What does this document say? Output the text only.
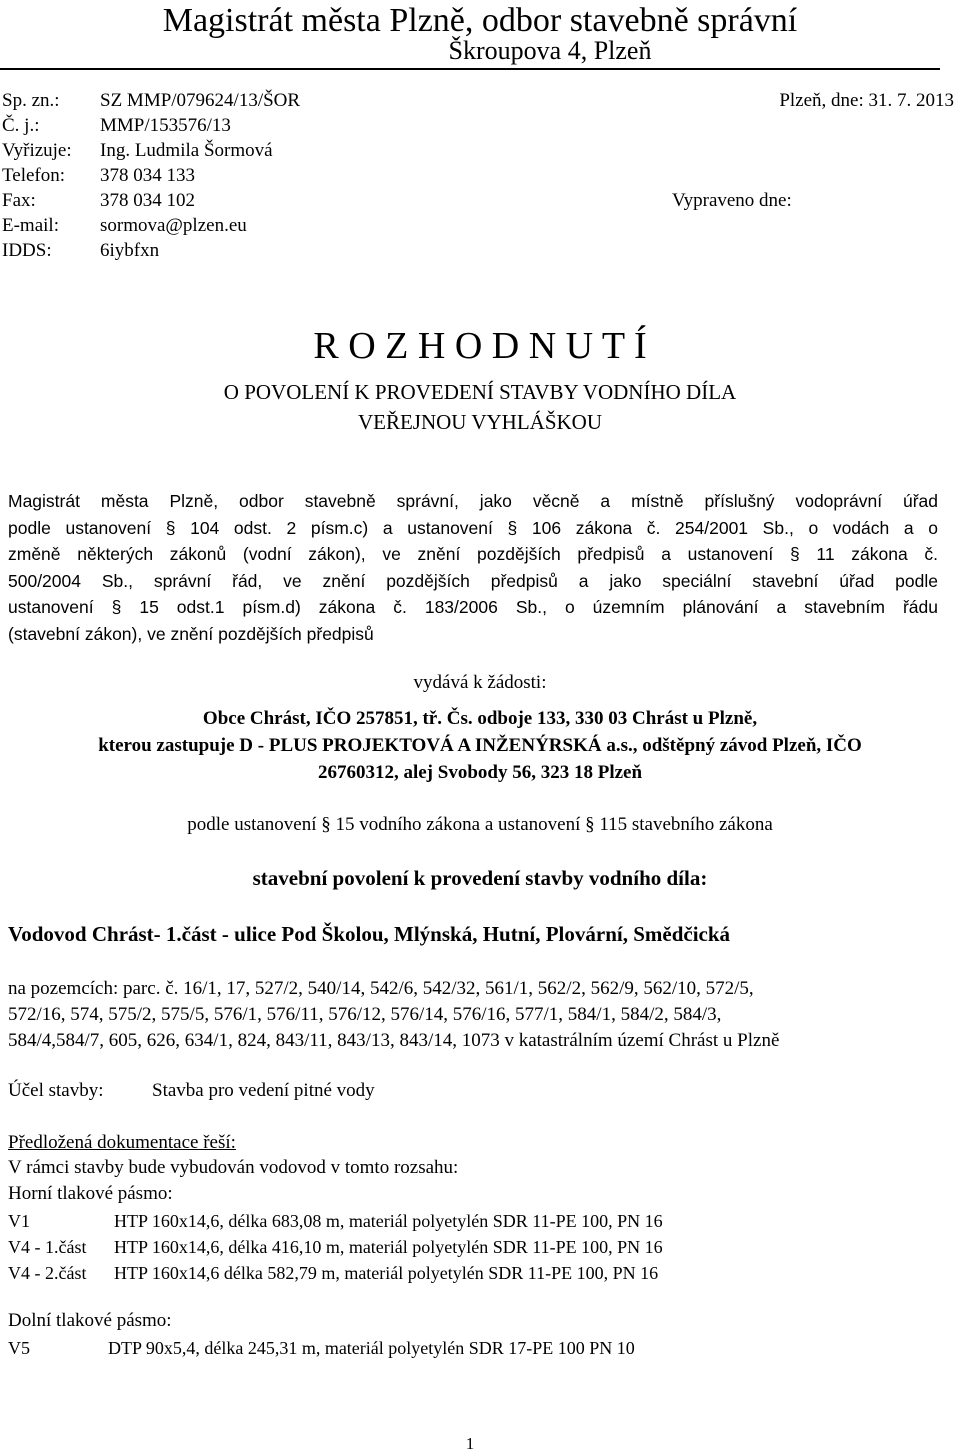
Magistrát města Plzně, odbor stavebně správní
Škroupova 4, Plzeň
Sp. zn.: SZ MMP/079624/13/ŠOR
Č. j.:	MMP/153576/13
Vyřizuje: Ing. Ludmila Šormová
Telefon: 378 034 133
Fax:	378 034 102
E-mail: sormova@plzen.eu
IDDS:	6iybfxn
Plzeň, dne: 31. 7. 2013
Vypraveno dne:
R O Z H O D N U T Í
O POVOLENÍ K PROVEDENÍ STAVBY VODNÍHO DÍLA
VEŘEJNOU VYHLÁŠKOU
Magistrát města Plzně, odbor stavebně správní, jako věcně a místně příslušný vodoprávní úřad
podle ustanovení § 104 odst. 2 písm.c) a ustanovení § 106 zákona č. 254/2001 Sb., o vodách a o
změně některých zákonů (vodní zákon), ve znění pozdějších předpisů a ustanovení § 11 zákona č.
500/2004 Sb., správní řád, ve znění pozdějších předpisů a jako speciální stavební úřad podle
ustanovení § 15 odst.1 písm.d) zákona č. 183/2006 Sb., o územním plánování a stavebním řádu
(stavební zákon), ve znění pozdějších předpisů
vydává k žádosti:
Obce Chrást, IČO 257851, tř. Čs. odboje 133, 330 03 Chrást u Plzně,
kterou zastupuje D - PLUS PROJEKTOVÁ A INŽENÝRSKÁ a.s., odštěpný závod Plzeň, IČO
26760312, alej Svobody 56, 323 18 Plzeň
podle ustanovení § 15 vodního zákona a ustanovení § 115 stavebního zákona
stavební povolení k provedení stavby vodního díla:
Vodovod Chrást- 1.část - ulice Pod Školou, Mlýnská, Hutní, Plovární, Smědčická
na pozemcích: parc. č. 16/1, 17, 527/2, 540/14, 542/6, 542/32, 561/1, 562/2, 562/9, 562/10, 572/5,
572/16, 574, 575/2, 575/5, 576/1, 576/11, 576/12, 576/14, 576/16, 577/1, 584/1, 584/2, 584/3,
584/4,584/7, 605, 626, 634/1, 824, 843/11, 843/13, 843/14, 1073 v katastrálním území Chrást u Plzně
Účel stavby:	Stavba pro vedení pitné vody
Předložená dokumentace řeší:
V rámci stavby bude vybudován vodovod v tomto rozsahu:
Horní tlakové pásmo:
V1	HTP 160x14,6, délka 683,08 m, materiál polyetylén SDR 11-PE 100, PN 16
V4 - 1.část HTP 160x14,6, délka 416,10 m, materiál polyetylén SDR 11-PE 100, PN 16
V4 - 2.část HTP 160x14,6 délka 582,79 m, materiál polyetylén SDR 11-PE 100, PN 16
Dolní tlakové pásmo:
V5	DTP 90x5,4, délka 245,31 m, materiál polyetylén SDR 17-PE 100 PN 10
1
